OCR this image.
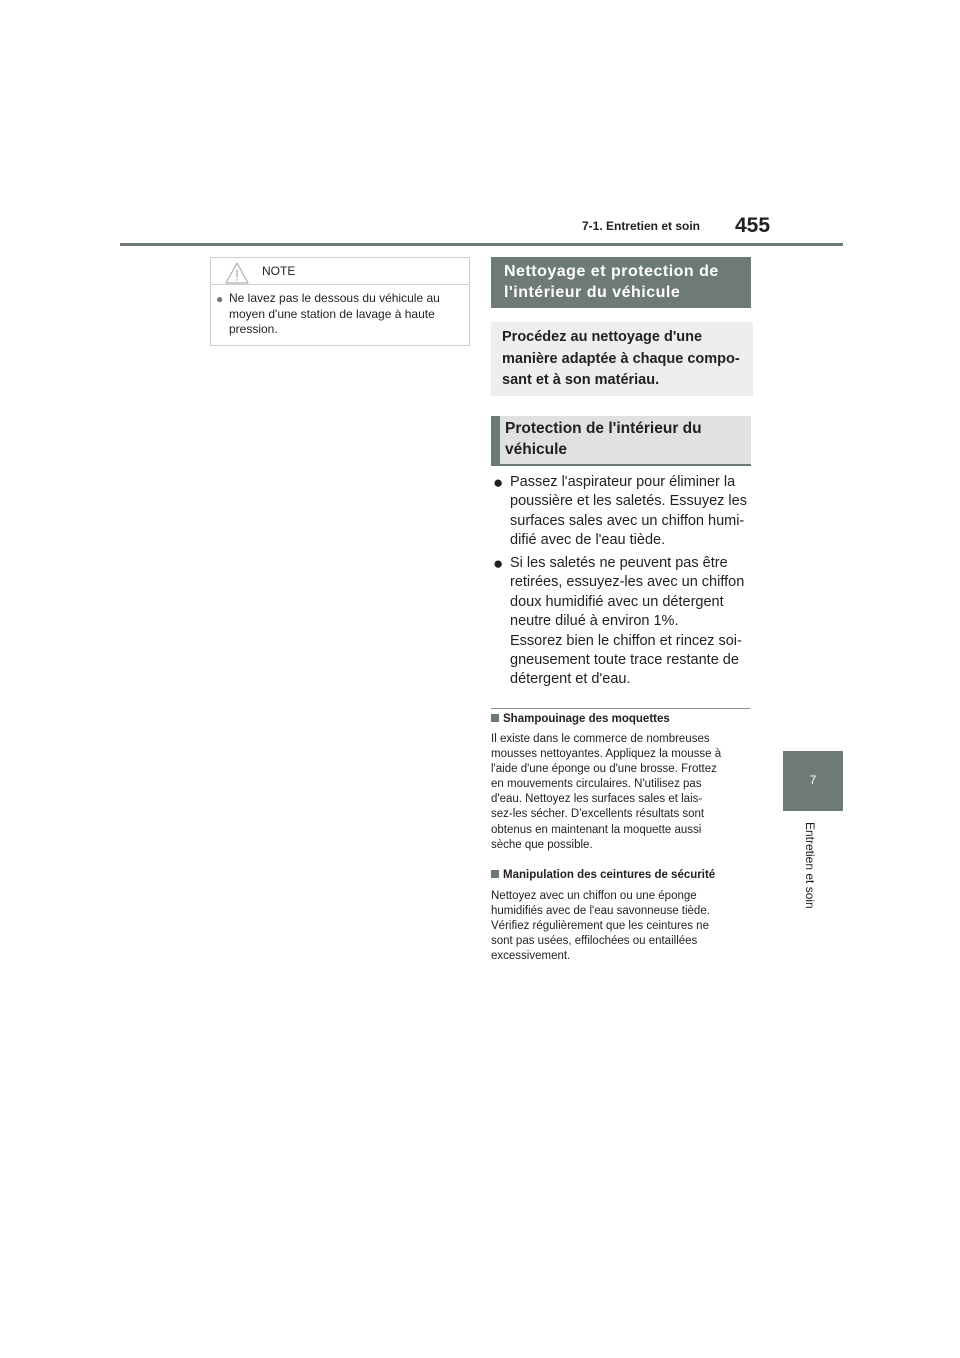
7-1. Entretien et soin 455
7
Entretien et soin
NOTE
● Ne lavez pas le dessous du véhicule au
moyen d'une station de lavage à haute
pression.
Nettoyage et protection de
l'intérieur du véhicule
Procédez au nettoyage d'une
manière adaptée à chaque compo-
sant et à son matériau.
Protection de l'intérieur du
véhicule
● Passez l'aspirateur pour éliminer la
poussière et les saletés. Essuyez les
surfaces sales avec un chiffon humi-
difié avec de l'eau tiède.
● Si les saletés ne peuvent pas être
retirées, essuyez-les avec un chiffon
doux humidifié avec un détergent
neutre dilué à environ 1%.
Essorez bien le chiffon et rincez soi-
gneusement toute trace restante de
détergent et d'eau.
Shampouinage des moquettes
Il existe dans le commerce de nombreuses
mousses nettoyantes. Appliquez la mousse à
l'aide d'une éponge ou d'une brosse. Frottez
en mouvements circulaires. N'utilisez pas
d'eau. Nettoyez les surfaces sales et lais-
sez-les sécher. D'excellents résultats sont
obtenus en maintenant la moquette aussi
sèche que possible.
Manipulation des ceintures de sécurité
Nettoyez avec un chiffon ou une éponge
humidifiés avec de l'eau savonneuse tiède.
Vérifiez régulièrement que les ceintures ne
sont pas usées, effilochées ou entaillées
excessivement.
